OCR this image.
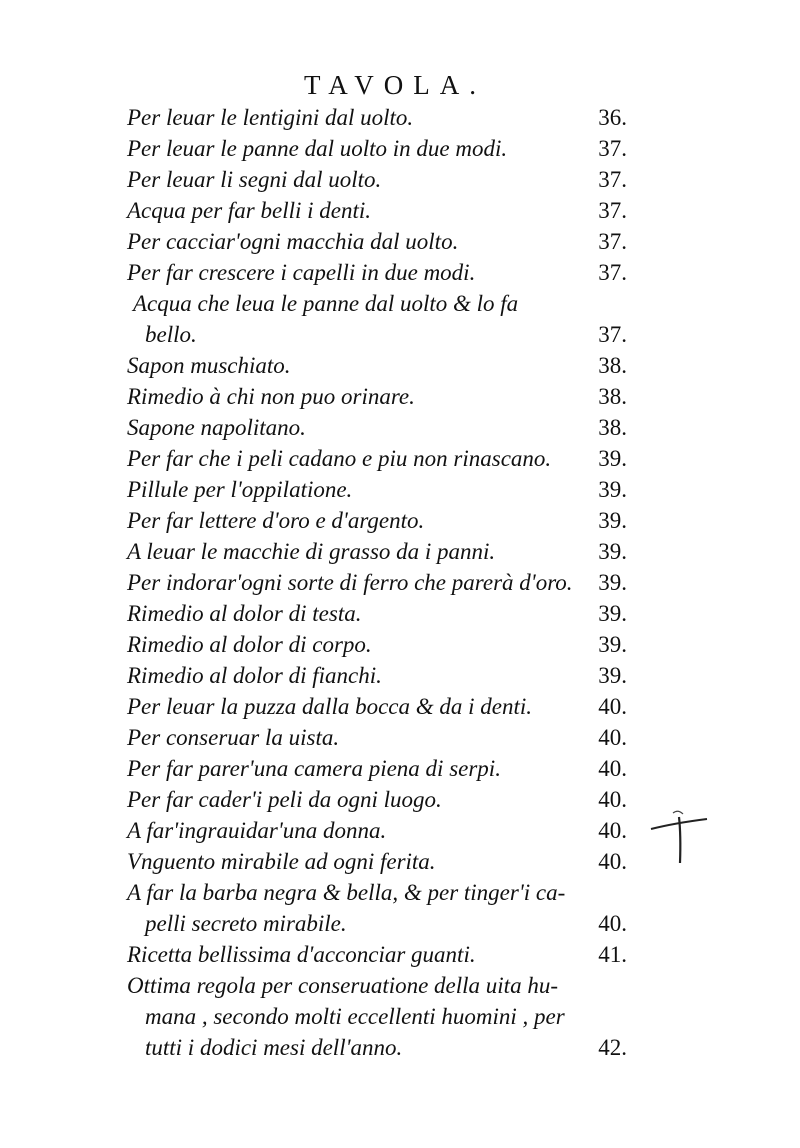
TAVOLA.
Per leuar le lentigini dal uolto.	36.
Per leuar le panne dal uolto in due modi.	37.
Per leuar li segni dal uolto.	37.
Acqua per far belli i denti.	37.
Per cacciar'ogni macchia dal uolto.	37.
Per far crescere i capelli in due modi.	37.
Acqua che leua le panne dal uolto & lo fa
bello.	37.
Sapon muschiato.	38.
Rimedio à chi non puo orinare.	38.
Sapone napolitano.	38.
Per far che i peli cadano e piu non rinascano. 39.
Pillule per l'oppilatione.	39.
Per far lettere d'oro e d'argento.	39.
A leuar le macchie di grasso da i panni.	39.
Per indorar'ogni sorte di ferro che parerà d'oro. 39.
Rimedio al dolor di testa.	39.
Rimedio al dolor di corpo.	39.
Rimedio al dolor di fianchi.	39.
Per leuar la puzza dalla bocca & da i denti.	40.
Per conseruar la uista.	40.
Per far parer'una camera piena di serpi.	40.
Per far cader'i peli da ogni luogo.	40.
A far'ingrauidar'una donna.	40.
Vnguento mirabile ad ogni ferita.	40.
A far la barba negra & bella, & per tinger'i ca-
pelli secreto mirabile.	40.
Ricetta bellissima d'acconciar guanti.	41.
Ottima regola per conseruatione della uita hu-
mana , secondo molti eccellenti huomini , per
tutti i dodici mesi dell'anno.	42.
